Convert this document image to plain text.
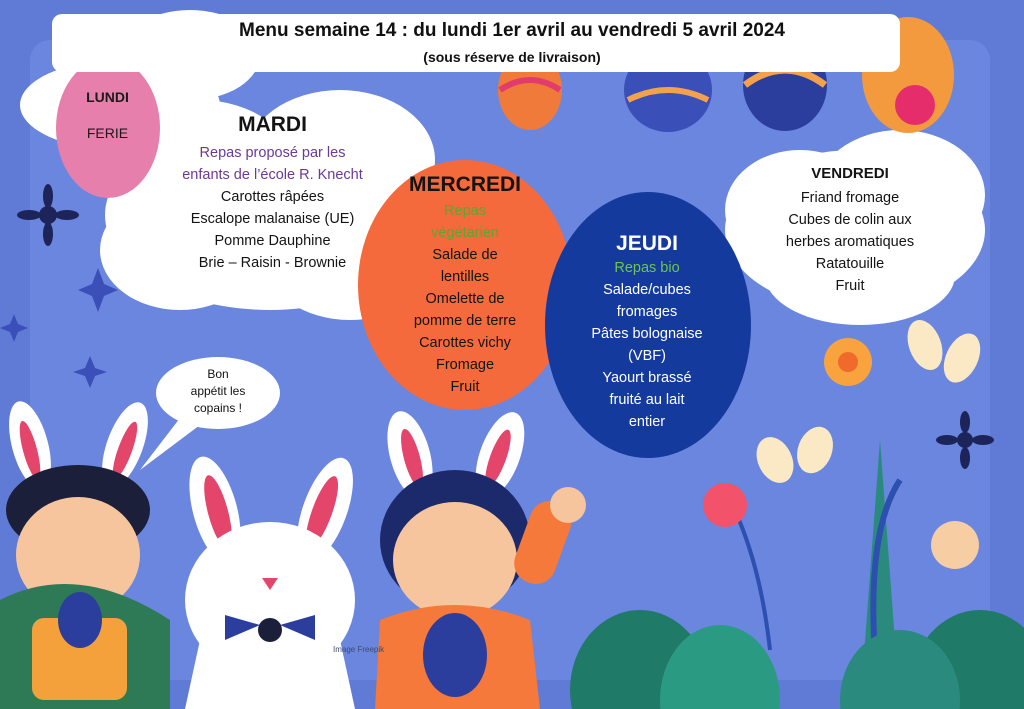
Menu semaine 14 : du lundi 1er avril au vendredi 5 avril 2024
(sous réserve de livraison)
LUNDI
FERIE	MARDI
Repas proposé par les
enfants de l’école R. Knecht
Carottes râpées
Escalope malanaise (UE)
Pomme Dauphine
Brie – Raisin - Brownie
MERCREDI
Repas
végétarien
Salade de
lentilles
Omelette de
pomme de terre
Carottes vichy
Fromage
Fruit
JEUDI
Repas bio
Salade/cubes
fromages
Pâtes bolognaise
(VBF)
Yaourt brassé
fruité au lait
entier
VENDREDI
Friand fromage
Cubes de colin aux
herbes aromatiques
Ratatouille
Fruit
Bon
appétit les
copains !
Image Freepik
